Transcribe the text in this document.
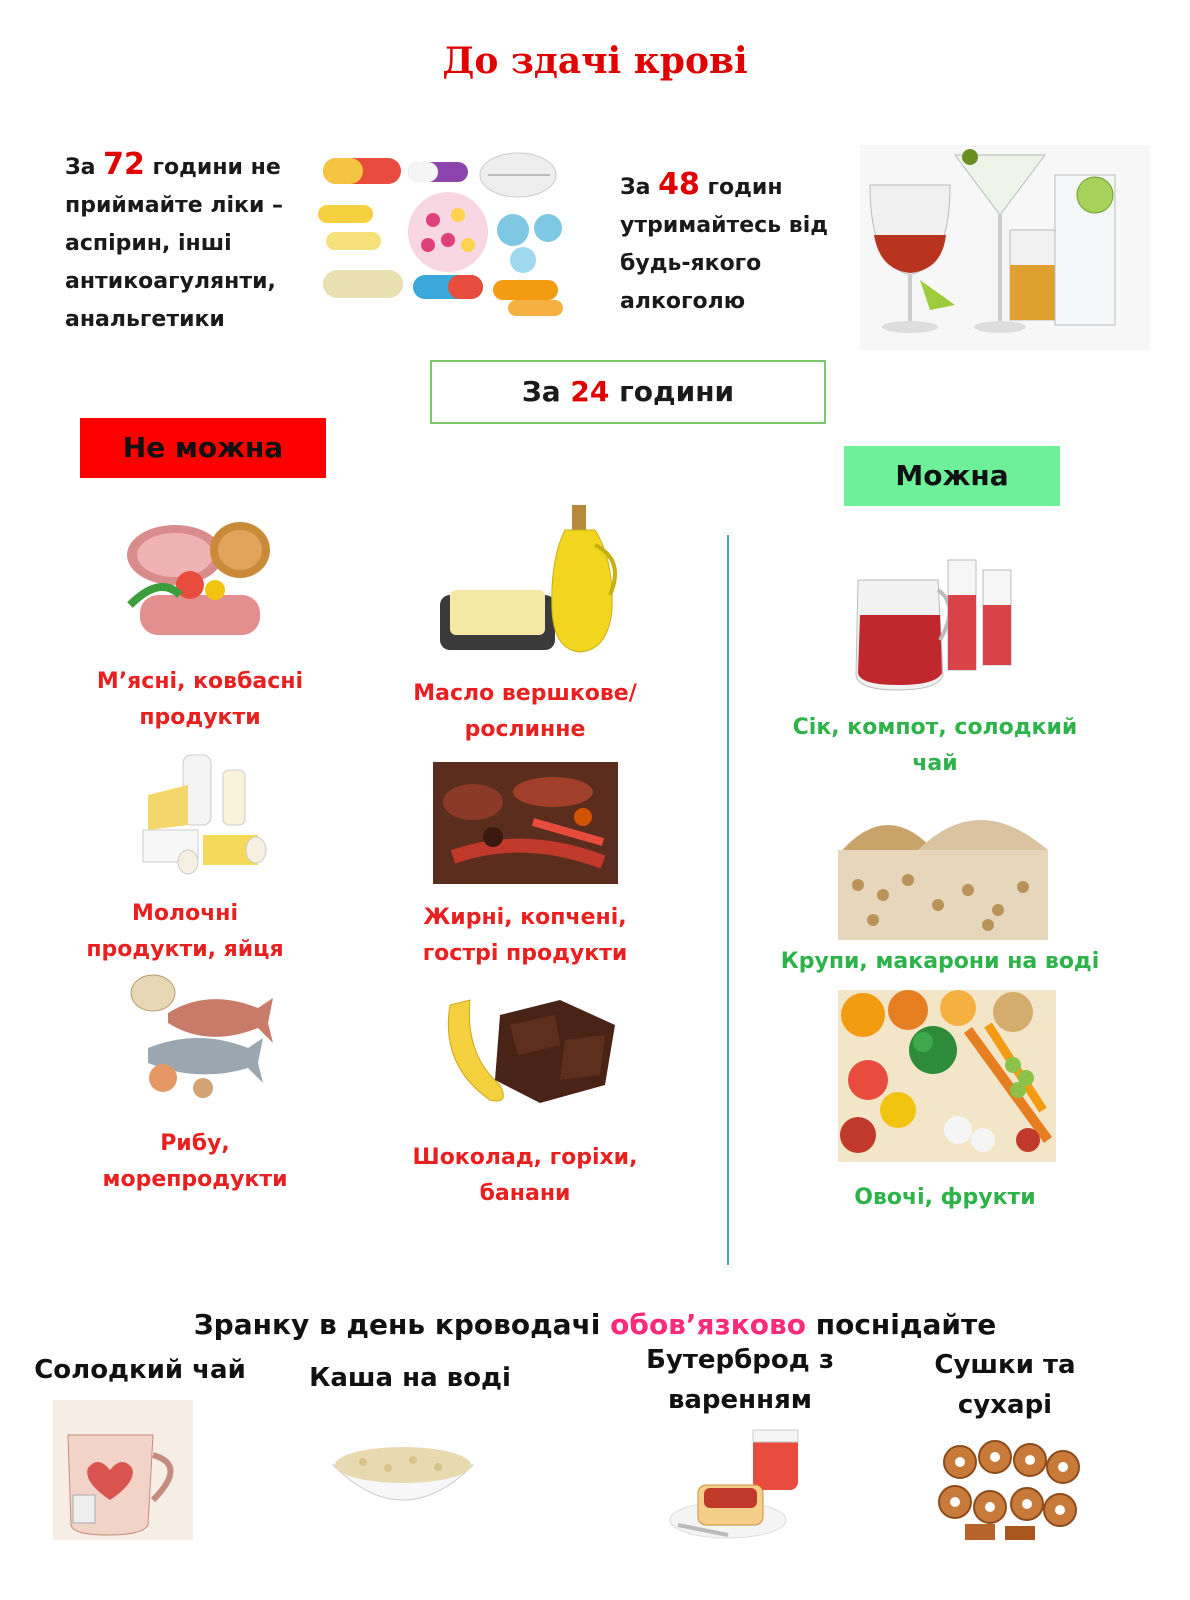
До здачі крові
За 72 години не
приймайте ліки –
аспірин, інші
антикоагулянти,
анальгетики
За 48 годин
утримайтесь від
будь-якого
алкоголю
За 24 години
Не можна
Можна
М’ясні, ковбасні
продукти
Масло вершкове/
рослинне
Молочні
продукти, яйця
Жирні, копчені,
гострі продукти
Рибу,
морепродукти
Шоколад, горіхи,
банани
Сік, компот, солодкий
чай
Крупи, макарони на воді
Овочі, фрукти
Зранку в день кроводачі обов’язково поснідайте
Солодкий чай	Каша на воді
Бутерброд з
варенням
Сушки та
сухарі
